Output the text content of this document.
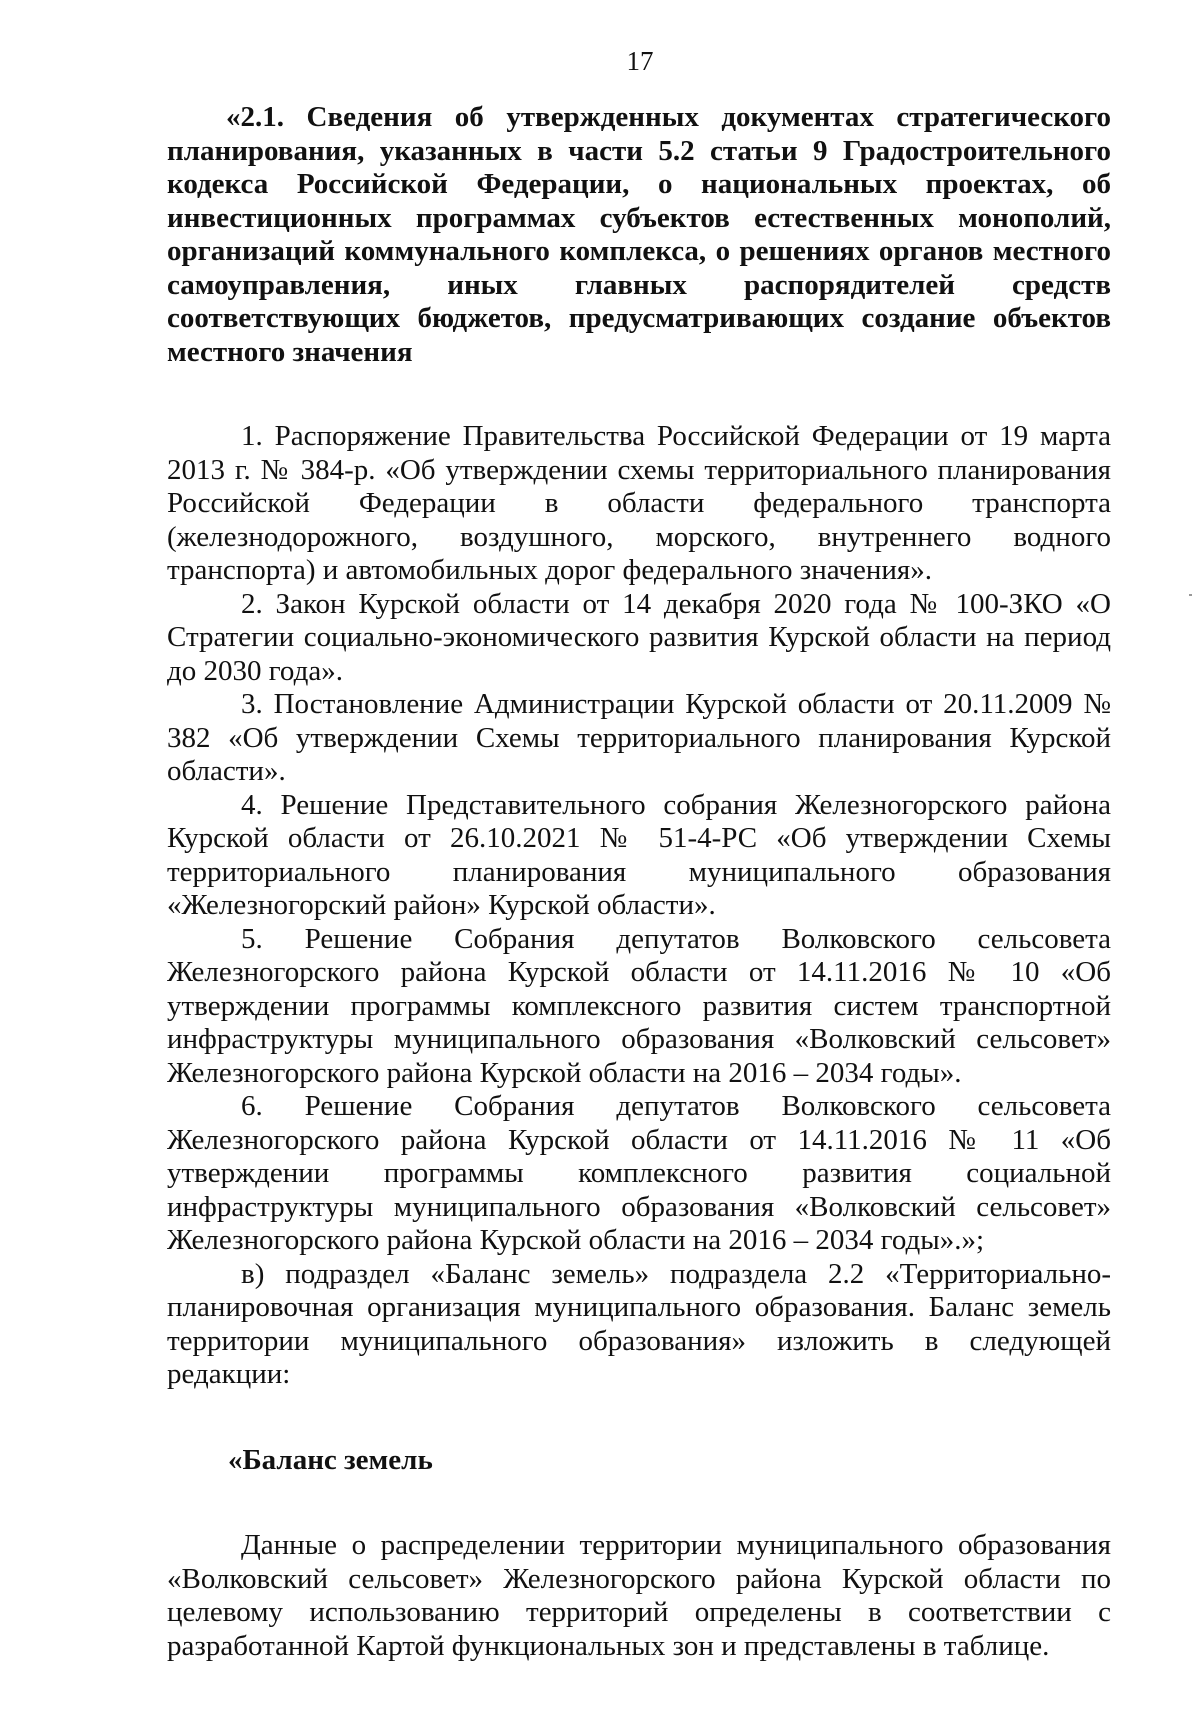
17

«2.1. Сведения об утвержденных документах стратегического планирования, указанных в части 5.2 статьи 9 Градостроительного кодекса Российской Федерации, о национальных проектах, об инвестиционных программах субъектов естественных монополий, организаций коммунального комплекса, о решениях органов местного самоуправления, иных главных распорядителей средств соответствующих бюджетов, предусматривающих создание объектов местного значения

1. Распоряжение Правительства Российской Федерации от 19 марта 2013 г. № 384-р. «Об утверждении схемы территориального планирования Российской Федерации в области федерального транспорта (железнодорожного, воздушного, морского, внутреннего водного транспорта) и автомобильных дорог федерального значения».

2. Закон Курской области от 14 декабря 2020 года № 100-ЗКО «О Стратегии социально-экономического развития Курской области на период до 2030 года».

3. Постановление Администрации Курской области от 20.11.2009 № 382 «Об утверждении Схемы территориального планирования Курской области».

4. Решение Представительного собрания Железногорского района Курской области от 26.10.2021 № 51-4-РС «Об утверждении Схемы территориального планирования муниципального образования «Железногорский район» Курской области».

5. Решение Собрания депутатов Волковского сельсовета Железногорского района Курской области от 14.11.2016 № 10 «Об утверждении программы комплексного развития систем транспортной инфраструктуры муниципального образования «Волковский сельсовет» Железногорского района Курской области на 2016 – 2034 годы».

6. Решение Собрания депутатов Волковского сельсовета Железногорского района Курской области от 14.11.2016 № 11 «Об утверждении программы комплексного развития социальной инфраструктуры муниципального образования «Волковский сельсовет» Железногорского района Курской области на 2016 – 2034 годы».»;

в) подраздел «Баланс земель» подраздела 2.2 «Территориально-планировочная организация муниципального образования. Баланс земель территории муниципального образования» изложить в следующей редакции:

«Баланс земель

Данные о распределении территории муниципального образования «Волковский сельсовет» Железногорского района Курской области по целевому использованию территорий определены в соответствии с разработанной Картой функциональных зон и представлены в таблице.
